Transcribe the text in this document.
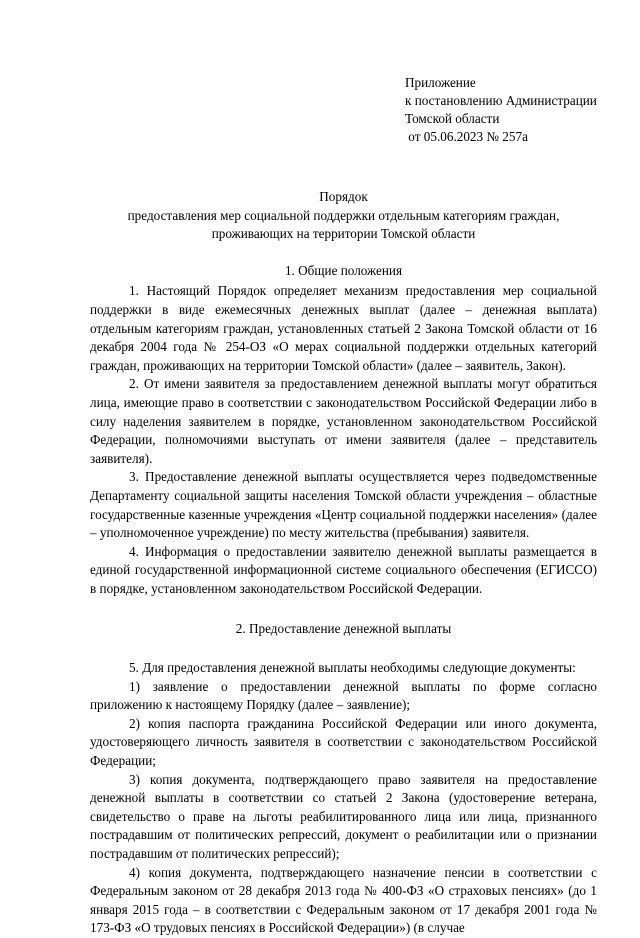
Приложение
к постановлению Администрации
Томской области
от 05.06.2023 № 257а
Порядок
предоставления мер социальной поддержки отдельным категориям граждан,
проживающих на территории Томской области
1. Общие положения

1. Настоящий Порядок определяет механизм предоставления мер социальной поддержки в виде ежемесячных денежных выплат (далее – денежная выплата) отдельным категориям граждан, установленных статьей 2 Закона Томской области от 16 декабря 2004 года № 254-ОЗ «О мерах социальной поддержки отдельных категорий граждан, проживающих на территории Томской области» (далее – заявитель, Закон).

2. От имени заявителя за предоставлением денежной выплаты могут обратиться лица, имеющие право в соответствии с законодательством Российской Федерации либо в силу наделения заявителем в порядке, установленном законодательством Российской Федерации, полномочиями выступать от имени заявителя (далее – представитель заявителя).

3. Предоставление денежной выплаты осуществляется через подведомственные Департаменту социальной защиты населения Томской области учреждения – областные государственные казенные учреждения «Центр социальной поддержки населения» (далее – уполномоченное учреждение) по месту жительства (пребывания) заявителя.

4. Информация о предоставлении заявителю денежной выплаты размещается в единой государственной информационной системе социального обеспечения (ЕГИССО) в порядке, установленном законодательством Российской Федерации.

2. Предоставление денежной выплаты

5. Для предоставления денежной выплаты необходимы следующие документы:

1) заявление о предоставлении денежной выплаты по форме согласно приложению к настоящему Порядку (далее – заявление);

2) копия паспорта гражданина Российской Федерации или иного документа, удостоверяющего личность заявителя в соответствии с законодательством Российской Федерации;

3) копия документа, подтверждающего право заявителя на предоставление денежной выплаты в соответствии со статьей 2 Закона (удостоверение ветерана, свидетельство о праве на льготы реабилитированного лица или лица, признанного пострадавшим от политических репрессий, документ о реабилитации или о признании пострадавшим от политических репрессий);

4) копия документа, подтверждающего назначение пенсии в соответствии с Федеральным законом от 28 декабря 2013 года № 400-ФЗ «О страховых пенсиях» (до 1 января 2015 года – в соответствии с Федеральным законом от 17 декабря 2001 года № 173-ФЗ «О трудовых пенсиях в Российской Федерации») (в случае
